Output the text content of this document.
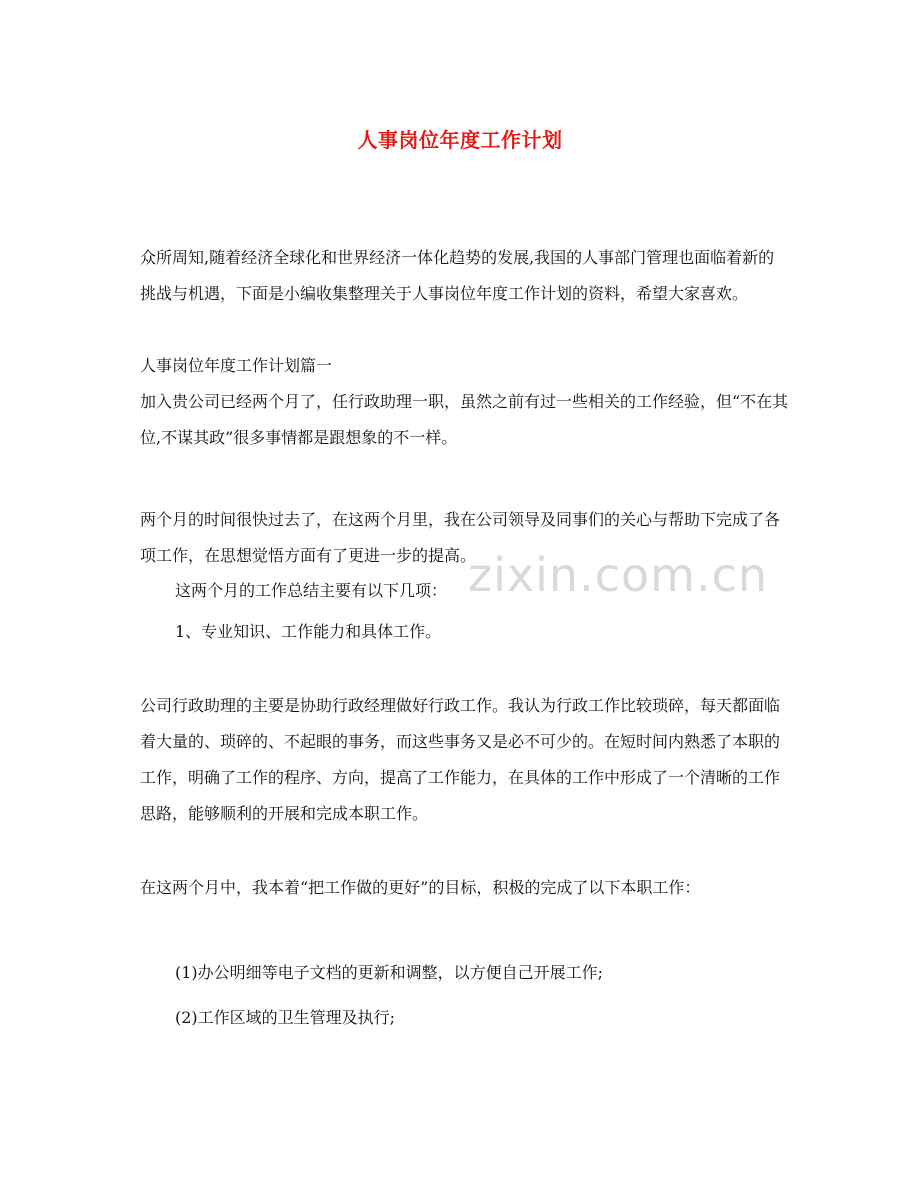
zixin.com.cn
人事岗位年度工作计划

众所周知,随着经济全球化和世界经济一体化趋势的发展,我国的人事部门管理也面临着新的挑战与机遇，下面是小编收集整理关于人事岗位年度工作计划的资料，希望大家喜欢。

人事岗位年度工作计划篇一

加入贵公司已经两个月了，任行政助理一职，虽然之前有过一些相关的工作经验，但“不在其位,不谋其政”很多事情都是跟想象的不一样。

两个月的时间很快过去了，在这两个月里，我在公司领导及同事们的关心与帮助下完成了各项工作，在思想觉悟方面有了更进一步的提高。

这两个月的工作总结主要有以下几项：

1、专业知识、工作能力和具体工作。

公司行政助理的主要是协助行政经理做好行政工作。我认为行政工作比较琐碎，每天都面临着大量的、琐碎的、不起眼的事务，而这些事务又是必不可少的。在短时间内熟悉了本职的工作，明确了工作的程序、方向，提高了工作能力，在具体的工作中形成了一个清晰的工作思路，能够顺利的开展和完成本职工作。

在这两个月中，我本着“把工作做的更好”的目标，积极的完成了以下本职工作：

(1)办公明细等电子文档的更新和调整，以方便自己开展工作;

(2)工作区域的卫生管理及执行;
